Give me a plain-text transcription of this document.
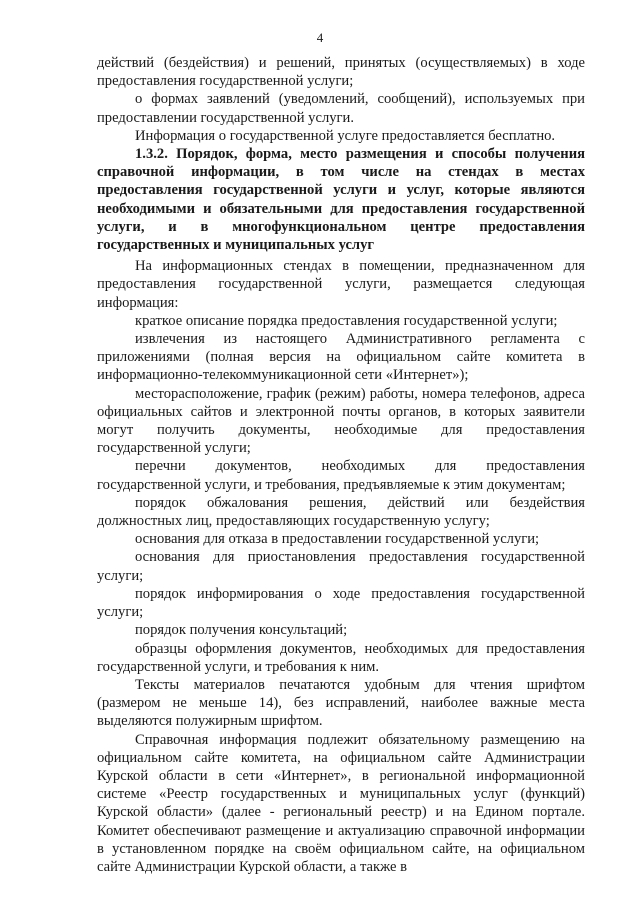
4

действий (бездействия) и решений, принятых (осуществляемых) в ходе предоставления государственной услуги;

о формах заявлений (уведомлений, сообщений), используемых при предоставлении государственной услуги.

Информация о государственной услуге предоставляется бесплатно.

1.3.2. Порядок, форма, место размещения и способы получения справочной информации, в том числе на стендах в местах предоставления государственной услуги и услуг, которые являются необходимыми и обязательными для предоставления государственной услуги, и в многофункциональном центре предоставления государственных и муниципальных услуг

На информационных стендах в помещении, предназначенном для предоставления государственной услуги, размещается следующая информация:

краткое описание порядка предоставления государственной услуги;

извлечения из настоящего Административного регламента с приложениями (полная версия на официальном сайте комитета в информационно-телекоммуникационной сети «Интернет»);

месторасположение, график (режим) работы, номера телефонов, адреса официальных сайтов и электронной почты органов, в которых заявители могут получить документы, необходимые для предоставления государственной услуги;

перечни документов, необходимых для предоставления государственной услуги, и требования, предъявляемые к этим документам;

порядок обжалования решения, действий или бездействия должностных лиц, предоставляющих государственную услугу;

основания для отказа в предоставлении государственной услуги;

основания для приостановления предоставления государственной услуги;

порядок информирования о ходе предоставления государственной услуги;

порядок получения консультаций;

образцы оформления документов, необходимых для предоставления государственной услуги, и требования к ним.

Тексты материалов печатаются удобным для чтения шрифтом (размером не меньше 14), без исправлений, наиболее важные места выделяются полужирным шрифтом.

Справочная информация подлежит обязательному размещению на официальном сайте комитета, на официальном сайте Администрации Курской области в сети «Интернет», в региональной информационной системе «Реестр государственных и муниципальных услуг (функций) Курской области» (далее - региональный реестр) и на Едином портале. Комитет обеспечивают размещение и актуализацию справочной информации в установленном порядке на своём официальном сайте, на официальном сайте Администрации Курской области, а также в
